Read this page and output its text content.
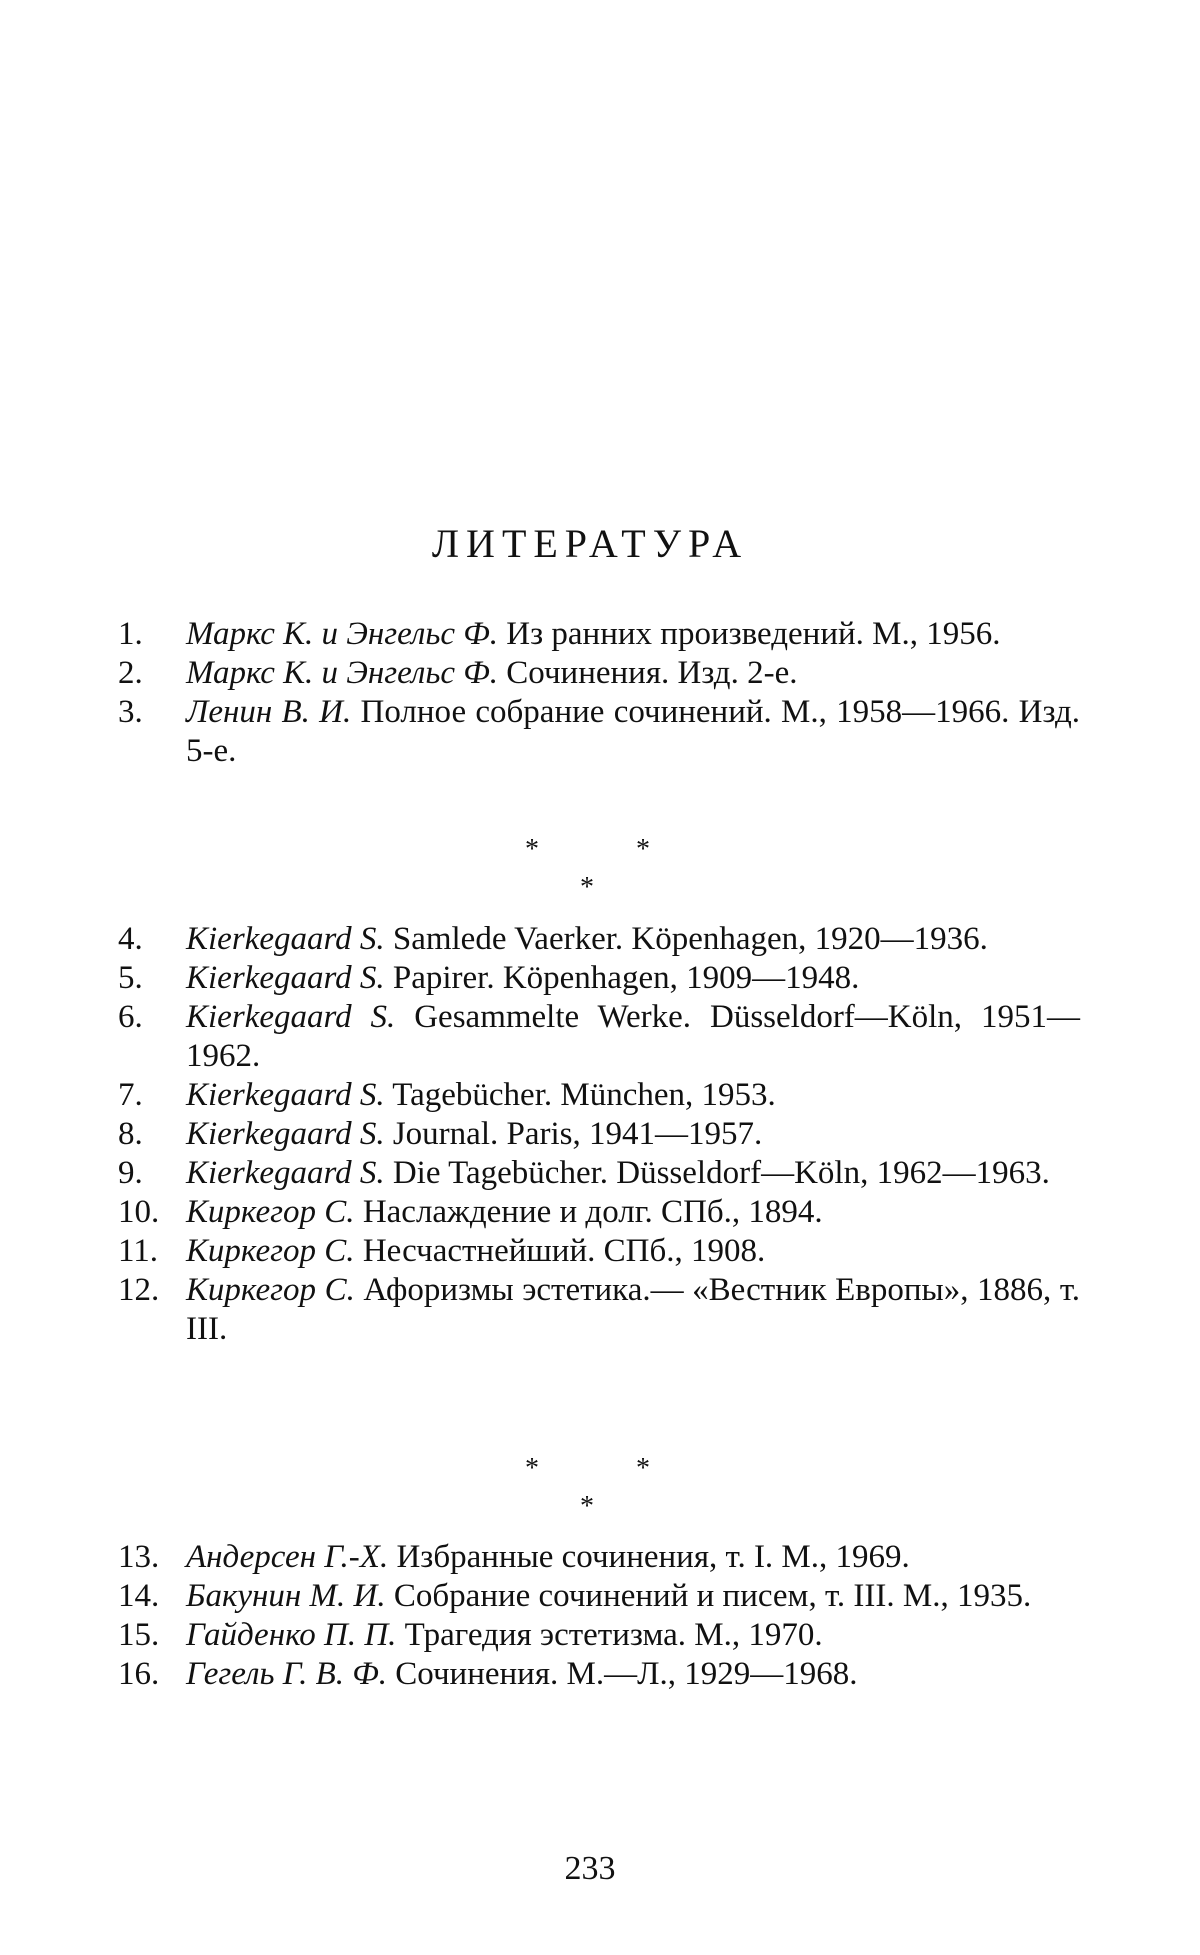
ЛИТЕРАТУРА

1.	Маркс К. и Энгельс Ф. Из ранних произведений. М., 1956.

2.	Маркс К. и Энгельс Ф. Сочинения. Изд. 2-е.

3.	Ленин В. И. Полное собрание сочинений. М., 1958—1966. Изд. 5-е.

*	*
*

4.	Kierkegaard S. Samlede Vaerker. Köpenhagen, 1920—1936.

5.	Kierkegaard S. Papirer. Köpenhagen, 1909—1948.

6.	Kierkegaard S. Gesammelte Werke. Düsseldorf—Köln, 1951—1962.

7.	Kierkegaard S. Tagebücher. München, 1953.

8.	Kierkegaard S. Journal. Paris, 1941—1957.

9.	Kierkegaard S. Die Tagebücher. Düsseldorf—Köln, 1962—1963.

10. Киркегор С. Наслаждение и долг. СПб., 1894.

11. Киркегор С. Несчастнейший. СПб., 1908.

12. Киркегор С. Афоризмы эстетика.— «Вестник Европы», 1886, т. III.

*	*
*

13. Андерсен Г.-Х. Избранные сочинения, т. I. М., 1969.

14. Бакунин М. И. Собрание сочинений и писем, т. III. М., 1935.

15. Гайденко П. П. Трагедия эстетизма. М., 1970.

16. Гегель Г. В. Ф. Сочинения. М.—Л., 1929—1968.

233
